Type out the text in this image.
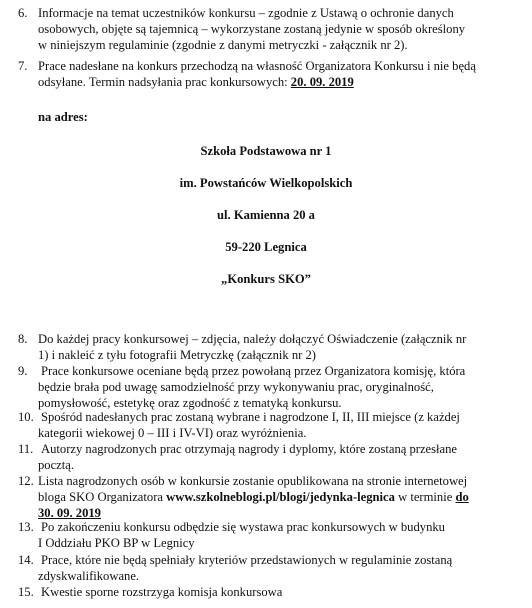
6. Informacje na temat uczestników konkursu – zgodnie z Ustawą o ochronie danych
osobowych, objęte są tajemnicą – wykorzystane zostaną jedynie w sposób określony
w niniejszym regulaminie (zgodnie z danymi metryczki - załącznik nr 2).
7. Prace nadesłane na konkurs przechodzą na własność Organizatora Konkursu i nie będą
odsyłane. Termin nadsyłania prac konkursowych: 20. 09. 2019
na adres:
Szkoła Podstawowa nr 1
im. Powstańców Wielkopolskich
ul. Kamienna 20 a
59-220 Legnica
„Konkurs SKO”
8. Do każdej pracy konkursowej – zdjęcia, należy dołączyć Oświadczenie (załącznik nr
1) i nakleić z tyłu fotografii Metryczkę (załącznik nr 2)
9. Prace konkursowe oceniane będą przez powołaną przez Organizatora komisję, która
będzie brała pod uwagę samodzielność przy wykonywaniu prac, oryginalność,
pomysłowość, estetykę oraz zgodność z tematyką konkursu.
10. Spośród nadesłanych prac zostaną wybrane i nagrodzone I, II, III miejsce (z każdej
kategorii wiekowej 0 – III i IV-VI) oraz wyróżnienia.
11. Autorzy nagrodzonych prac otrzymają nagrody i dyplomy, które zostaną przesłane
pocztą.
12. Lista nagrodzonych osób w konkursie zostanie opublikowana na stronie internetowej
bloga SKO Organizatora www.szkolneblogi.pl/blogi/jedynka-legnica w terminie do
30. 09. 2019
13. Po zakończeniu konkursu odbędzie się wystawa prac konkursowych w budynku
I Oddziału PKO BP w Legnicy
14. Prace, które nie będą spełniały kryteriów przedstawionych w regulaminie zostaną
zdyskwalifikowane.
15. Kwestie sporne rozstrzyga komisja konkursowa
